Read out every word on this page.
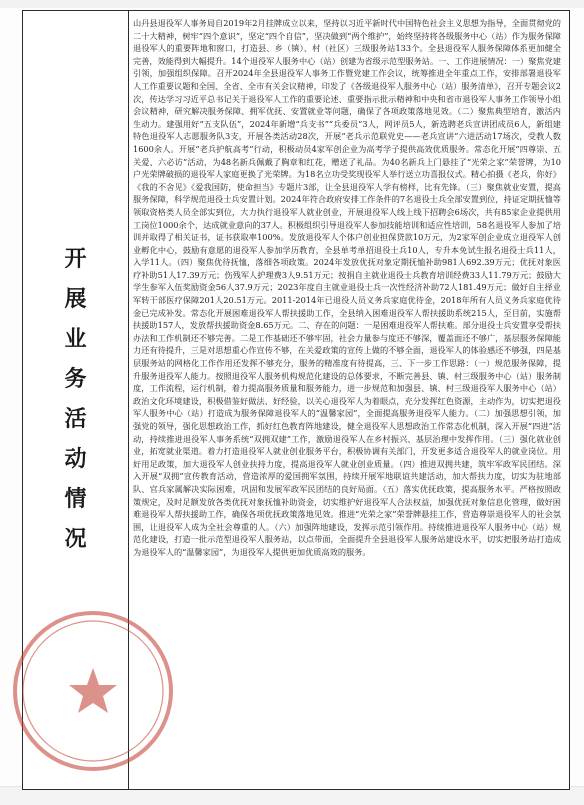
开
展
业
务
活
动
情
况

山丹县退役军人事务局自2019年2月挂牌成立以来，坚持以习近平新时代中国特色社会主义思想为指导，全面贯彻党的二十大精神，树牢“四个意识”，坚定“四个自信”，坚决做到“两个维护”，始终坚持将各级服务中心（站）作为服务保障退役军人的重要阵地和窗口，打造县、乡（镇）、村（社区）三级服务站133个。全县退役军人服务保障体系更加健全完善，效能得到大幅提升。14个退役军人服务中心（站）创建为省级示范型服务站。一、工作进展情况：一）聚焦党建引领，加强组织保障。召开2024年全县退役军人事务工作暨党建工作会议，统筹推进全年重点工作，安排部署退役军人工作重要议题和全国、全省、全市有关会议精神，印发了《各级退役军人服务中心（站）服务清单》，召开专题会议2次，传达学习习近平总书记关于退役军人工作的重要论述、重要指示批示精神和中央和省市退役军人事务工作领导小组会议精神，研究解决服务保障、拥军优抚、安置就业等问题，确保了各项政策落地见效。（二）聚焦典型培育，激活内生动力。建强用好“五支队伍”，2024年新增“兵支书”“兵委员”3人，网评员5人，新选聘老兵宣讲团成员6人，新组建特色退役军人志愿服务队3支，开展各类活动28次，开展“老兵示范联党史——老兵宣讲”六进活动17场次，受教人数1600余人。开展“老兵护航高考”行动，积极动员4家军创企业为高考学子提供高效优质服务。常态化开展“四尊崇、五关爱、六必访”活动，为48名新兵佩戴了胸章和红花，赠送了礼品。为40名新兵上门悬挂了“光荣之家”荣誉牌，为10户光荣牌破损的退役军人家庭更换了光荣牌。为18名立功受奖现役军人举行送立功喜报仪式。精心拍摄《老兵，你好》《我的不舍见》《爱我国防，使命担当》专题片3部，让全县退役军人学有榜样，比有先锋。（三）聚焦就业安置，提高服务保障，科学规范退役士兵安置计划。2024年符合政府安排工作条件的7名退役士兵全部安置到位，持证定期抚恤等领取资格类人员全部实到位，大力执行退役军人就业创业，开展退役军人线上线下招聘会6场次，共有85家企业提供用工岗位1000余个，达成就业意向的37人。积极组织引导退役军人参加技能培训和适应性培训，58名退役军人参加了培训并取得了相关证书，证书获取率100%。发放退役军人个体户创业担保贷款10万元，为2家军创企业成立退役军人创业孵化中心，鼓励有意愿的退役军人参加学历教育，全县单考单招退役士兵10人，专升本免试生报名退役士兵11人，入学11人。（四）聚焦优待抚恤，落细各项政策。2024年发放优抚对象定期抚恤补助981人692.39万元；优抚对象医疗补助51人17.39万元；伤残军人护理费3人9.51万元；按捐自主就业退役士兵教育培训经费33人11.79万元；鼓励大学生参军入伍奖励资金56人37.9万元；2023年度自主就业退役士兵一次性经济补助72人181.49万元；做好自主择业军转干部医疗保障201人20.51万元。2011-2014年已退役人员义务兵家庭优待金，2018年所有人员义务兵家庭优待金已完成补发。常态化开展困难退役军人帮扶援助工作，全县纳入困难退役军人帮扶援助系统215人，至目前，实施帮扶援助157人，发放帮扶援助资金8.65万元。二、存在的问题：一是困难退役军人帮扶难。部分退役士兵安置享受帮扶办法和工作机制还不够完善。二是工作基础还不够牢固，社会力量参与度还不够深，覆盖面还不够广，基层服务保障能力还有待提升，三是对思想重心作宣传不够，在关爱政策的宣传上做的不够全面，退役军人的体验感还不够强，四是基层服务站的网格化工作作用还发挥不够充分，服务的精准度有待提高，三、下一步工作思路：（一）规范服务保障，提升服务退役军人能力。按照退役军人服务机构规范化建设的总体要求，不断完善县、镇、村三级服务中心（站）服务制度，工作流程，运行机制，着力提高服务质量和服务能力，进一步规范和加强县、镇、村三级退役军人服务中心（站）政治文化环境建设，积极借鉴好做法、好经验，以关心退役军人为着眼点，充分发挥红色资源，主动作为，切实把退役军人服务中心（站）打造成为服务保障退役军人的“温馨家园”，全面提高服务退役军人能力。（二）加强思想引领，加强党的领导，强化思想政治工作，抓好红色教育阵地建设，健全退役军人思想政治工作常态化机制，深入开展“四进”活动，持续推进退役军人事务系统“双拥双建”工作，激励退役军人在乡村振兴、基层治理中发挥作用。（三）强化就业创业，拓宽就业渠道。着力打造退役军人就业创业服务平台，积极协调有关部门，开发更多适合退役军人的就业岗位。用好用足政策，加大退役军人创业扶持力度，提高退役军人就业创业质量。（四）推进双拥共建，筑牢军政军民团结。深入开展“双拥”宣传教育活动，营造浓厚的爱国拥军氛围，持续开展军地联谊共建活动，加大帮扶力度，切实为驻地部队、官兵家属解决实际困难，巩固和发展军政军民团结的良好局面。（五）落实优抚政策，提高服务水平。严格按照政策规定，及时足额发放各类优抚对象抚恤补助资金，切实维护好退役军人合法权益，加强优抚对象信息化管理，做好困难退役军人帮扶援助工作，确保各项优抚政策落地见效。推进“光荣之家”荣誉牌悬挂工作，营造尊崇退役军人的社会氛围，让退役军人成为全社会尊重的人。（六）加强阵地建设，发挥示范引领作用。持续推进退役军人服务中心（站）规范化建设，打造一批示范型退役军人服务站，以点带面，全面提升全县退役军人服务站建设水平，切实把服务站打造成为退役军人的“温馨家园”，为退役军人提供更加优质高效的服务。
